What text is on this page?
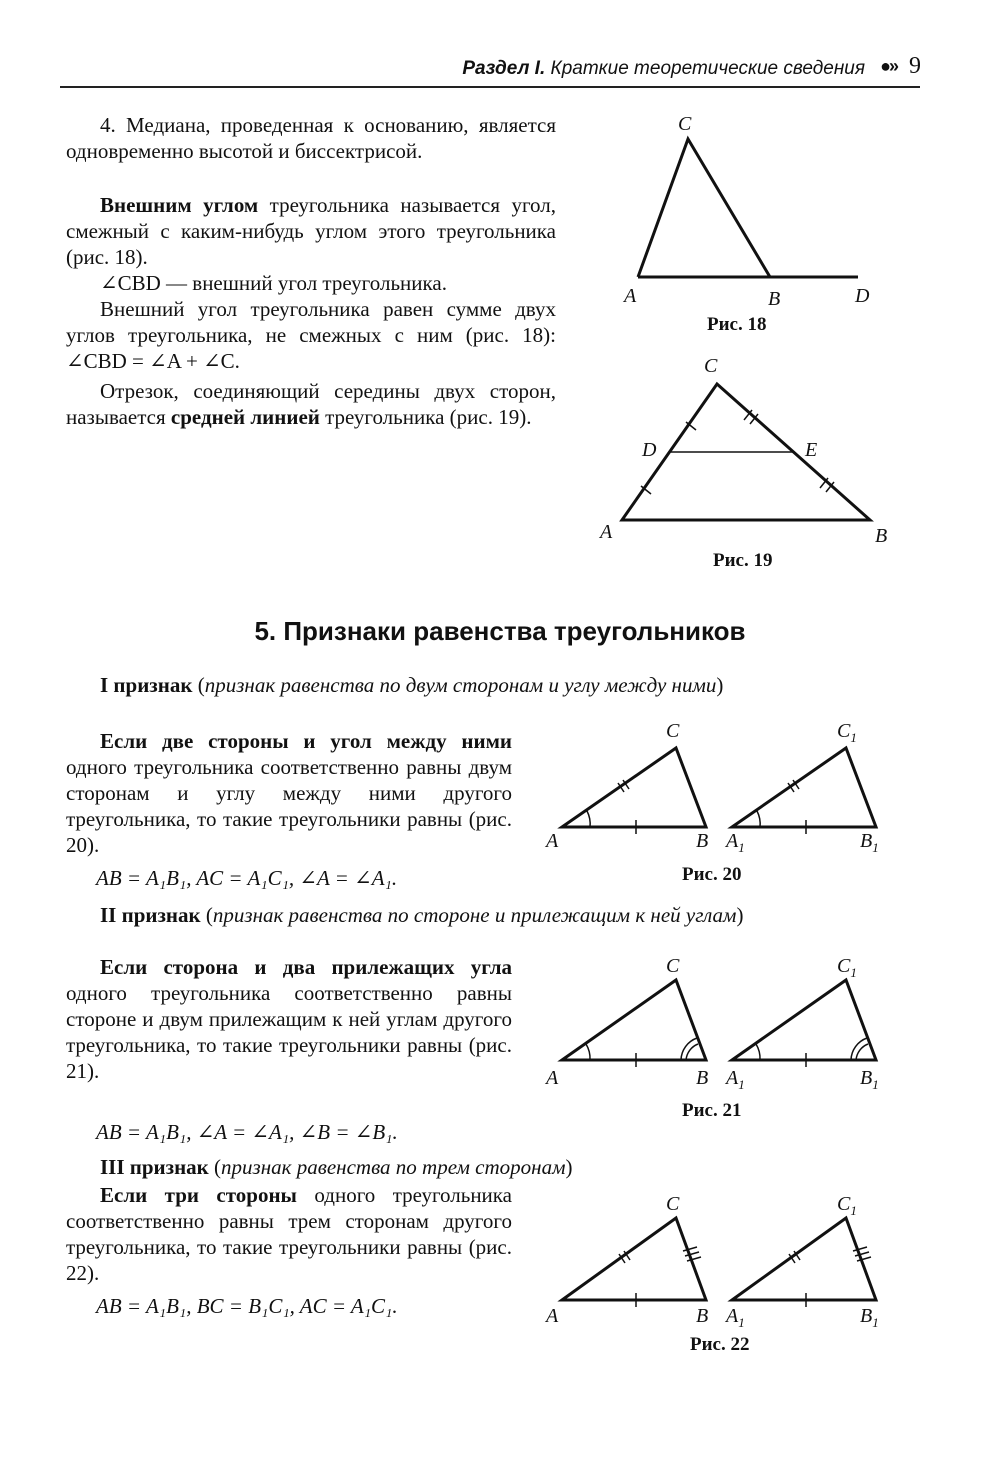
Раздел I. Краткие теоретические сведения ●›› 9

4. Медиана, проведенная к основанию, является одновременно высотой и биссектрисой.

Внешним углом треугольника называется угол, смежный с каким-нибудь углом этого треугольника (рис. 18).

∠CBD — внешний угол треугольника.

Внешний угол треугольника равен сумме двух углов треугольника, не смежных с ним (рис. 18): ∠CBD = ∠A + ∠C.

Отрезок, соединяющий середины двух сторон, называется средней линией треугольника (рис. 19).

C
A	B	D
Рис. 18
C
D	E
A	B
Рис. 19
5. Признаки равенства треугольников

I признак (признак равенства по двум сторонам и углу между ними)

Если две стороны и угол между ними одного треугольника соответственно равны двум сторонам и углу между ними другого треугольника, то такие треугольники равны (рис. 20).

AB = A₁B₁, AC = A₁C₁, ∠A = ∠A₁.
C
A	B
$C_1$
$A_1$	$B_1$
Рис. 20

II признак (признак равенства по стороне и прилежащим к ней углам)

Если сторона и два прилежащих угла одного треугольника соответственно равны стороне и двум прилежащим к ней углам другого треугольника, то такие треугольники равны (рис. 21).

AB = A₁B₁, ∠A = ∠A₁, ∠B = ∠B₁.
C
A	B
$C_1$
$A_1$	$B_1$
Рис. 21

III признак (признак равенства по трем сторонам)

Если три стороны одного треугольника соответственно равны трем сторонам другого треугольника, то такие треугольники равны (рис. 22).

AB = A₁B₁, BC = B₁C₁, AC = A₁C₁.
C
A	B
$C_1$
$A_1$	$B_1$
Рис. 22
